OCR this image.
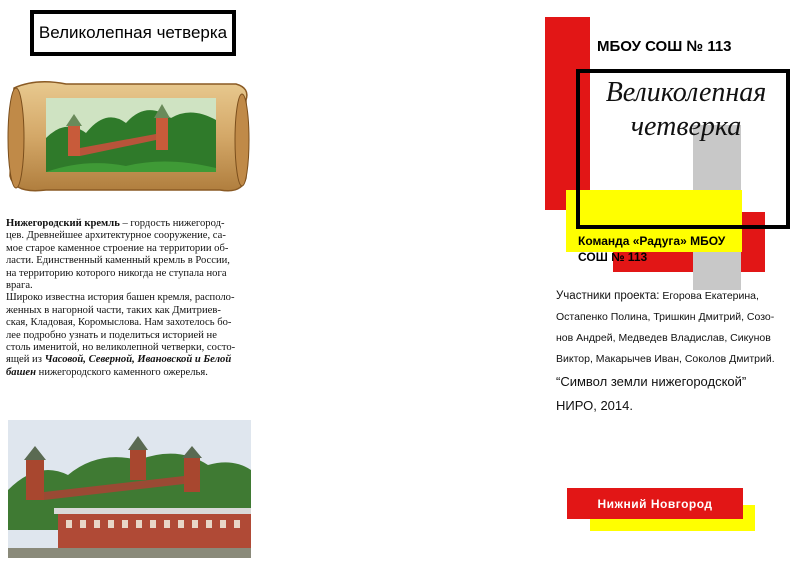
Великолепная четверка

Нижегородский кремль – гордость нижегород-
цев. Древнейшее архитектурное сооружение, са-
мое старое каменное строение на территории об-
ласти. Единственный каменный кремль в России,
на территорию которого никогда не ступала нога
врага.

Широко известна история башен кремля, располо-
женных в нагорной части, таких как Дмитриев-
ская, Кладовая, Коромыслова. Нам захотелось бо-
лее подробно узнать и поделиться историей не
столь именитой, но великолепной четверки, состо-
ящей из Часовой, Северной, Ивановской и Белой
башен нижегородского каменного ожерелья.

МБОУ СОШ № 113
Великолепная
четверка
Команда «Радуга» МБОУ
СОШ № 113
Участники проекта: Егорова Екатерина,
Остапенко Полина, Тришкин Дмитрий, Созо-
нов Андрей, Медведев Владислав, Сикунов
Виктор, Макарычев Иван, Соколов Дмитрий.
“Символ земли нижегородской”
НИРО, 2014.
Нижний Новгород
